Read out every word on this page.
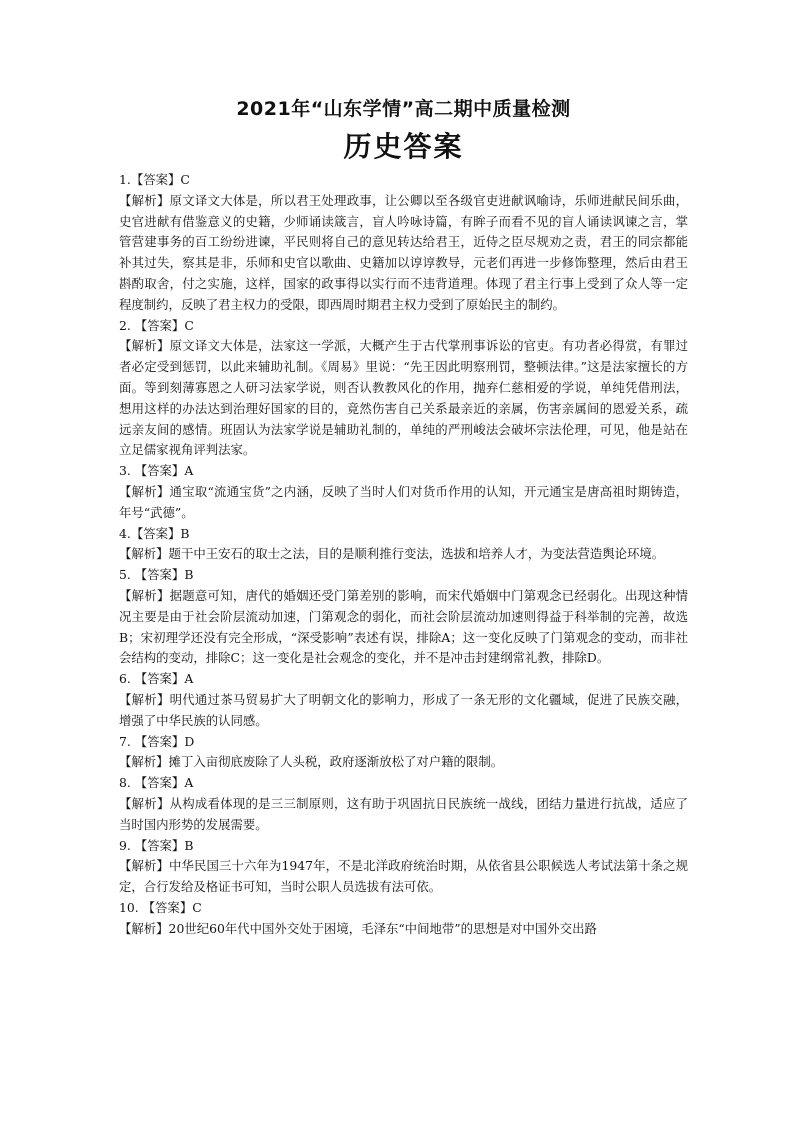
2021年“山东学情”高二期中质量检测
历史答案

1.【答案】C

【解析】原文译文大体是，所以君王处理政事，让公卿以至各级官吏进献讽喻诗，乐师进献民间乐曲，史官进献有借鉴意义的史籍，少师诵读箴言，盲人吟咏诗篇，有眸子而看不见的盲人诵读讽谏之言，掌管营建事务的百工纷纷进谏，平民则将自己的意见转达给君王，近侍之臣尽规劝之责，君王的同宗都能补其过失，察其是非，乐师和史官以歌曲、史籍加以谆谆教导，元老们再进一步修饰整理，然后由君王斟酌取舍，付之实施，这样，国家的政事得以实行而不违背道理。体现了君主行事上受到了众人等一定程度制约，反映了君主权力的受限，即西周时期君主权力受到了原始民主的制约。

2. 【答案】C

【解析】原文译文大体是，法家这一学派，大概产生于古代掌刑事诉讼的官吏。有功者必得赏，有罪过者必定受到惩罚，以此来辅助礼制。《周易》里说：“先王因此明察刑罚，整顿法律。”这是法家擅长的方面。等到刻薄寡恩之人研习法家学说，则否认教教风化的作用，抛弃仁慈相爱的学说，单纯凭借刑法，想用这样的办法达到治理好国家的目的，竟然伤害自己关系最亲近的亲属，伤害亲属间的恩爱关系，疏远亲友间的感情。班固认为法家学说是辅助礼制的，单纯的严刑峻法会破坏宗法伦理，可见，他是站在立足儒家视角评判法家。

3. 【答案】A

【解析】通宝取“流通宝货”之内涵，反映了当时人们对货币作用的认知，开元通宝是唐高祖时期铸造，年号“武德”。

4.【答案】B

【解析】题干中王安石的取士之法，目的是顺利推行变法，选拔和培养人才，为变法营造舆论环境。

5. 【答案】B

【解析】据题意可知，唐代的婚姻还受门第差别的影响，而宋代婚姻中门第观念已经弱化。出现这种情况主要是由于社会阶层流动加速，门第观念的弱化，而社会阶层流动加速则得益于科举制的完善，故选B；宋初理学还没有完全形成，“深受影响”表述有误，排除A；这一变化反映了门第观念的变动，而非社会结构的变动，排除C；这一变化是社会观念的变化，并不是冲击封建纲常礼教，排除D。

6. 【答案】A

【解析】明代通过茶马贸易扩大了明朝文化的影响力，形成了一条无形的文化疆域，促进了民族交融，增强了中华民族的认同感。

7. 【答案】D

【解析】摊丁入亩彻底废除了人头税，政府逐渐放松了对户籍的限制。

8. 【答案】A

【解析】从构成看体现的是三三制原则，这有助于巩固抗日民族统一战线，团结力量进行抗战，适应了当时国内形势的发展需要。

9. 【答案】B

【解析】中华民国三十六年为1947年，不是北洋政府统治时期，从依省县公职候选人考试法第十条之规定，合行发给及格证书可知，当时公职人员选拔有法可依。

10. 【答案】C

【解析】20世纪60年代中国外交处于困境，毛泽东“中间地带”的思想是对中国外交出路
